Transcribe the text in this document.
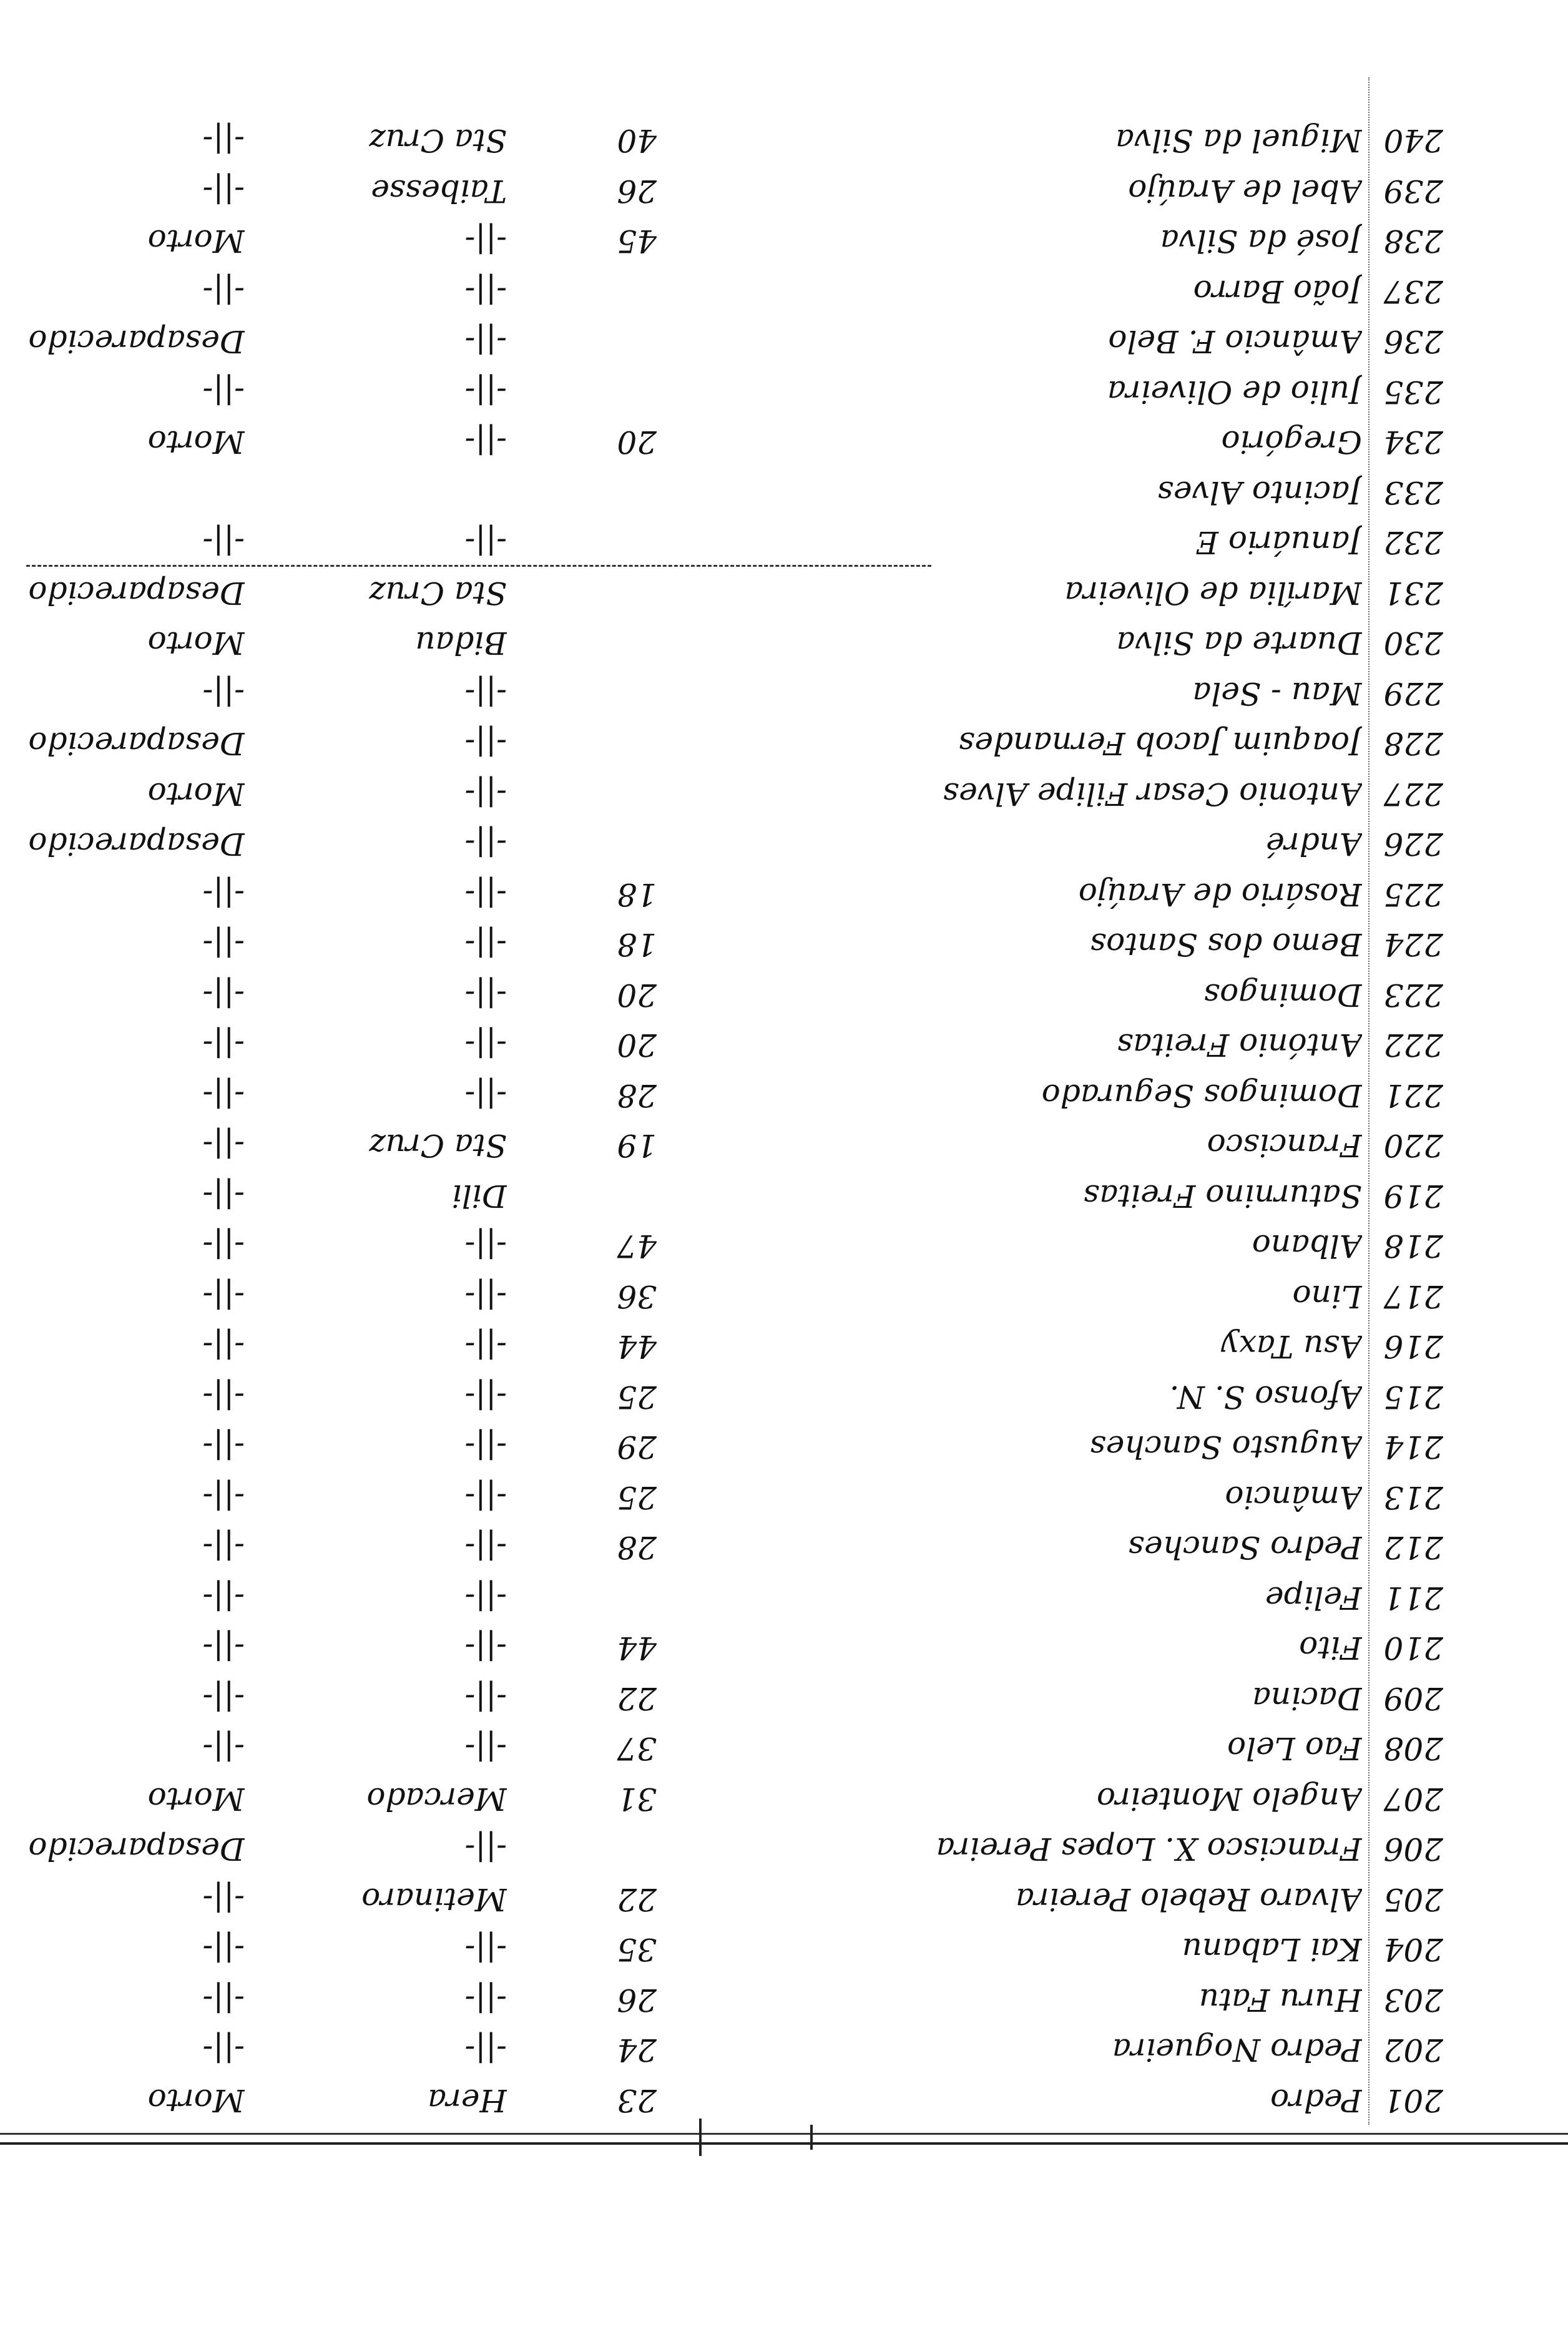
201
Pedro
23
Hera
Morto
202
Pedro Nogueira
24
-||-
-||-
203
Huru Fatu
26
-||-
-||-
204
Kai Labanu
35
-||-
-||-
205
Alvaro Rebelo Pereira
22
Metinaro
-||-
206
Francisco X. Lopes Pereira
-||-
Desaparecido
207
Angelo Monteiro
31
Mercado
Morto
208
Fao Lelo
37
-||-
-||-
209
Dacina
22
-||-
-||-
210
Fito
44
-||-
-||-
211
Felipe
-||-
-||-
212
Pedro Sanches
28
-||-
-||-
213
Amâncio
25
-||-
-||-
214
Augusto Sanches
29
-||-
-||-
215
Afonso S. N.
25
-||-
-||-
216
Asu Taxy
44
-||-
-||-
217
Lino
36
-||-
-||-
218
Albano
47
-||-
-||-
219
Saturnino Freitas
Dili
-||-
220
Francisco
19
Sta Cruz
-||-
221
Domingos Segurado
28
-||-
-||-
222
António Freitas
20
-||-
-||-
223
Domingos
20
-||-
-||-
224
Bemo dos Santos
18
-||-
-||-
225
Rosário de Araújo
18
-||-
-||-
226
André
-||-
Desaparecido
227
Antonio Cesar Filipe Alves
-||-
Morto
228
Joaquim Jacob Fernandes
-||-
Desaparecido
229
Mau - Sela
-||-
-||-
230
Duarte da Silva
Bidau
Morto
231
Marília de Oliveira
Sta Cruz
Desaparecido
232
Januário E
-||-
-||-
233
Jacinto Alves
234
Gregório
20
-||-
Morto
235
Julio de Oliveira
-||-
-||-
236
Amâncio F. Belo
-||-
Desaparecido
237
João Barro
-||-
-||-
238
José da Silva
45
-||-
Morto
239
Abel de Araújo
26
Taibesse
-||-
240
Miguel da Silva
40
Sta Cruz
-||-
